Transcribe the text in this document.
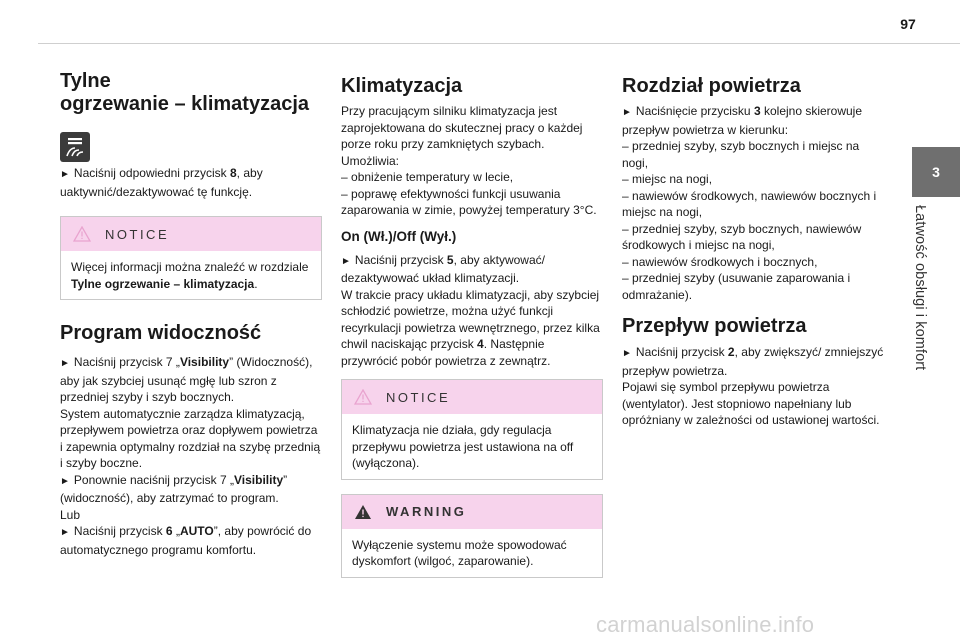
97
3
Łatwość obsługi i komfort
Tylne
ogrzewanie – klimatyzacja

► Naciśnij odpowiedni przycisk 8, aby uaktywnić/dezaktywować tę funkcję.

NOTICE

Więcej informacji można znaleźć w rozdziale Tylne ogrzewanie – klimatyzacja.

Program widoczność

► Naciśnij przycisk 7 „Visibility” (Widoczność), aby jak szybciej usunąć mgłę lub szron z przedniej szyby i szyb bocznych.

System automatycznie zarządza klimatyzacją, przepływem powietrza oraz dopływem powietrza i zapewnia optymalny rozdział na szybę przednią i szyby boczne.

► Ponownie naciśnij przycisk 7 „Visibility” (widoczność), aby zatrzymać to program.

Lub

► Naciśnij przycisk 6 „AUTO”, aby powrócić do automatycznego programu komfortu.

Klimatyzacja

Przy pracującym silniku klimatyzacja jest zaprojektowana do skutecznej pracy o każdej porze roku przy zamkniętych szybach.

Umożliwia:

– obniżenie temperatury w lecie,

– poprawę efektywności funkcji usuwania zaparowania w zimie, powyżej temperatury 3°C.

On (Wł.)/Off (Wył.)

► Naciśnij przycisk 5, aby aktywować/ dezaktywować układ klimatyzacji.

W trakcie pracy układu klimatyzacji, aby szybciej schłodzić powietrze, można użyć funkcji recyrkulacji powietrza wewnętrznego, przez kilka chwil naciskając przycisk 4. Następnie przywrócić pobór powietrza z zewnątrz.

NOTICE

Klimatyzacja nie działa, gdy regulacja przepływu powietrza jest ustawiona na off (wyłączona).

WARNING

Wyłączenie systemu może spowodować dyskomfort (wilgoć, zaparowanie).

Rozdział powietrza

► Naciśnięcie przycisku 3 kolejno skierowuje przepływ powietrza w kierunku:

– przedniej szyby, szyb bocznych i miejsc na nogi,

– miejsc na nogi,

– nawiewów środkowych, nawiewów bocznych i miejsc na nogi,

– przedniej szyby, szyb bocznych, nawiewów środkowych i miejsc na nogi,

– nawiewów środkowych i bocznych,

– przedniej szyby (usuwanie zaparowania i odmrażanie).

Przepływ powietrza

► Naciśnij przycisk 2, aby zwiększyć/ zmniejszyć przepływ powietrza.

Pojawi się symbol przepływu powietrza (wentylator). Jest stopniowo napełniany lub opróżniany w zależności od ustawionej wartości.

carmanualsonline.info
